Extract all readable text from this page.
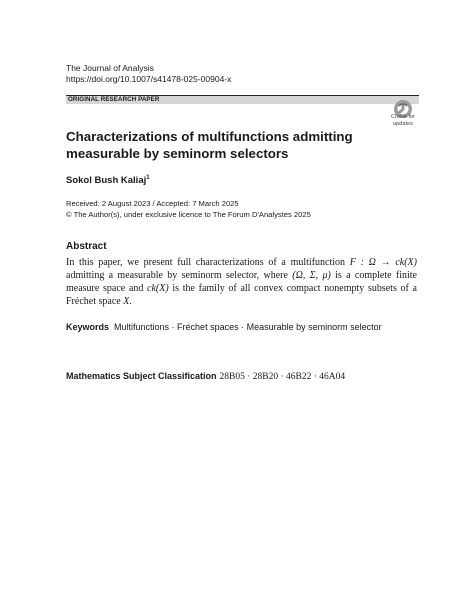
The Journal of Analysis
https://doi.org/10.1007/s41478-025-00904-x
ORIGINAL RESEARCH PAPER
Check for
updates
Characterizations of multifunctions admitting measurable by seminorm selectors
Sokol Bush Kaliaj$^1$
Received: 2 August 2023 / Accepted: 7 March 2025
© The Author(s), under exclusive licence to The Forum D'Analystes 2025
Abstract
In this paper, we present full characterizations of a multifunction F : Ω → ck(X) admitting a measurable by seminorm selector, where (Ω, Σ, μ) is a complete finite measure space and ck(X) is the family of all convex compact nonempty subsets of a Fréchet space X.
Keywords Multifunctions · Fréchet spaces · Measurable by seminorm selector
Mathematics Subject Classification 28B05 · 28B20 · 46B22 · 46A04
